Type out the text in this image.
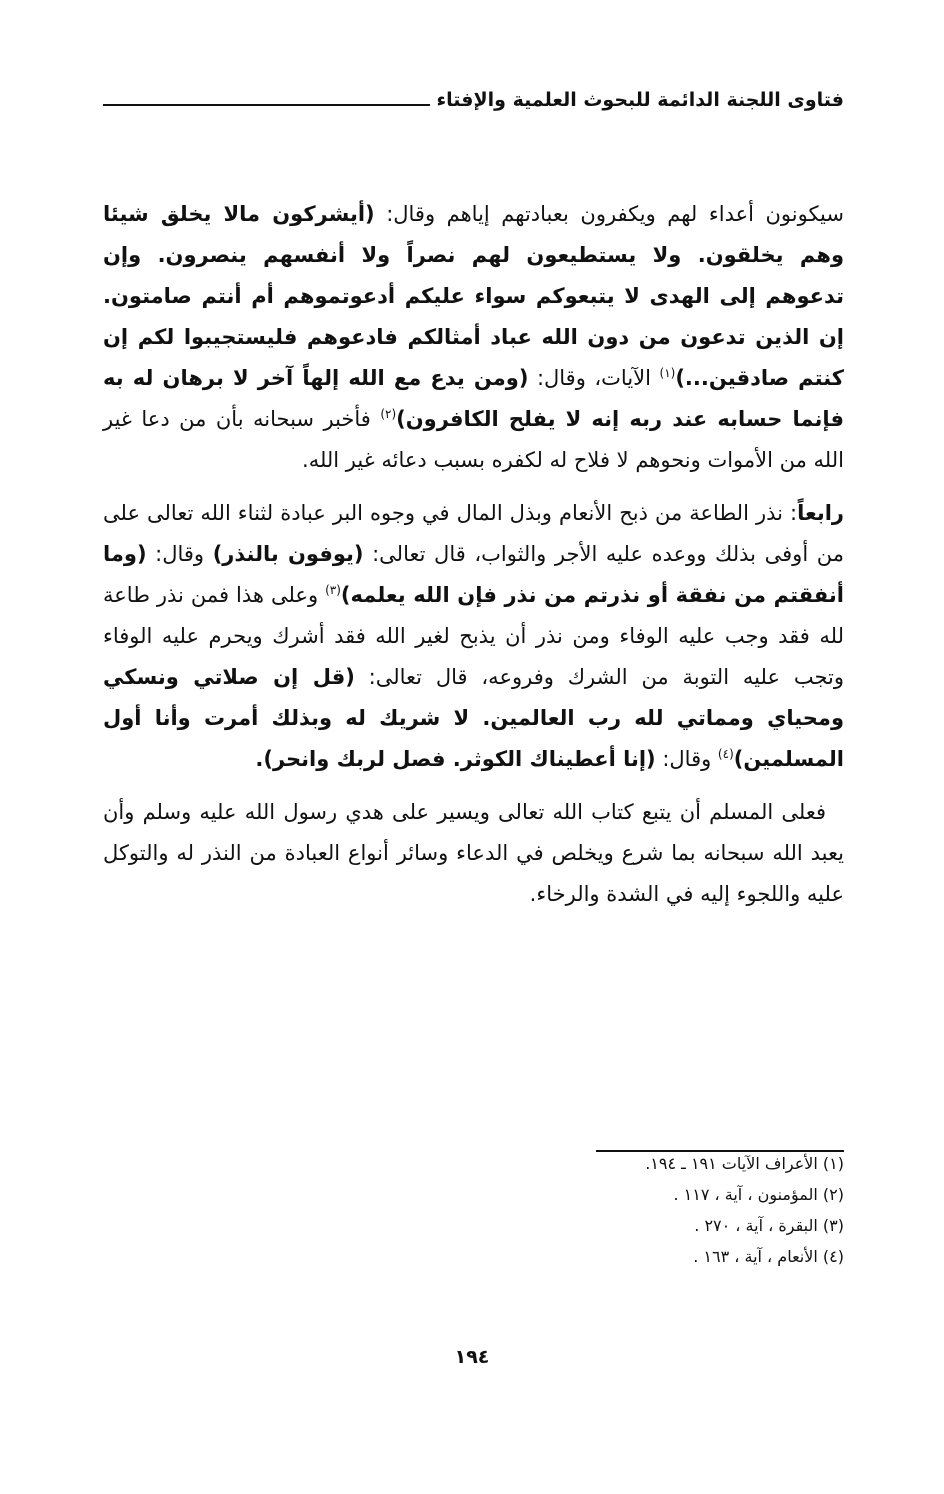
فتاوى اللجنة الدائمة للبحوث العلمية والإفتاء

سيكونون أعداء لهم ويكفرون بعبادتهم إياهم وقال: (أيشركون مالا يخلق شيئا وهم يخلقون. ولا يستطيعون لهم نصراً ولا أنفسهم ينصرون. وإن تدعوهم إلى الهدى لا يتبعوكم سواء عليكم أدعوتموهم أم أنتم صامتون. إن الذين تدعون من دون الله عباد أمثالكم فادعوهم فليستجيبوا لكم إن كنتم صادقين...)$^{(١)}$ الآيات، وقال: (ومن يدع مع الله إلهاً آخر لا برهان له به فإنما حسابه عند ربه إنه لا يفلح الكافرون)$^{(٢)}$ فأخبر سبحانه بأن من دعا غير الله من الأموات ونحوهم لا فلاح له لكفره بسبب دعائه غير الله.

رابعاً: نذر الطاعة من ذبح الأنعام وبذل المال في وجوه البر عبادة لثناء الله تعالى على من أوفى بذلك ووعده عليه الأجر والثواب، قال تعالى: (يوفون بالنذر) وقال: (وما أنفقتم من نفقة أو نذرتم من نذر فإن الله يعلمه)$^{(٣)}$ وعلى هذا فمن نذر طاعة لله فقد وجب عليه الوفاء ومن نذر أن يذبح لغير الله فقد أشرك ويحرم عليه الوفاء وتجب عليه التوبة من الشرك وفروعه، قال تعالى: (قل إن صلاتي ونسكي ومحياي ومماتي لله رب العالمين. لا شريك له وبذلك أمرت وأنا أول المسلمين)$^{(٤)}$ وقال: (إنا أعطيناك الكوثر. فصل لربك وانحر).

فعلى المسلم أن يتبع كتاب الله تعالى ويسير على هدي رسول الله عليه وسلم وأن يعبد الله سبحانه بما شرع ويخلص في الدعاء وسائر أنواع العبادة من النذر له والتوكل عليه واللجوء إليه في الشدة والرخاء.

(١) الأعراف الآيات ١٩١ ـ ١٩٤.
(٢) المؤمنون ، آية ، ١١٧ .
(٣) البقرة ، آية ، ٢٧٠ .
(٤) الأنعام ، آية ، ١٦٣ .
١٩٤
